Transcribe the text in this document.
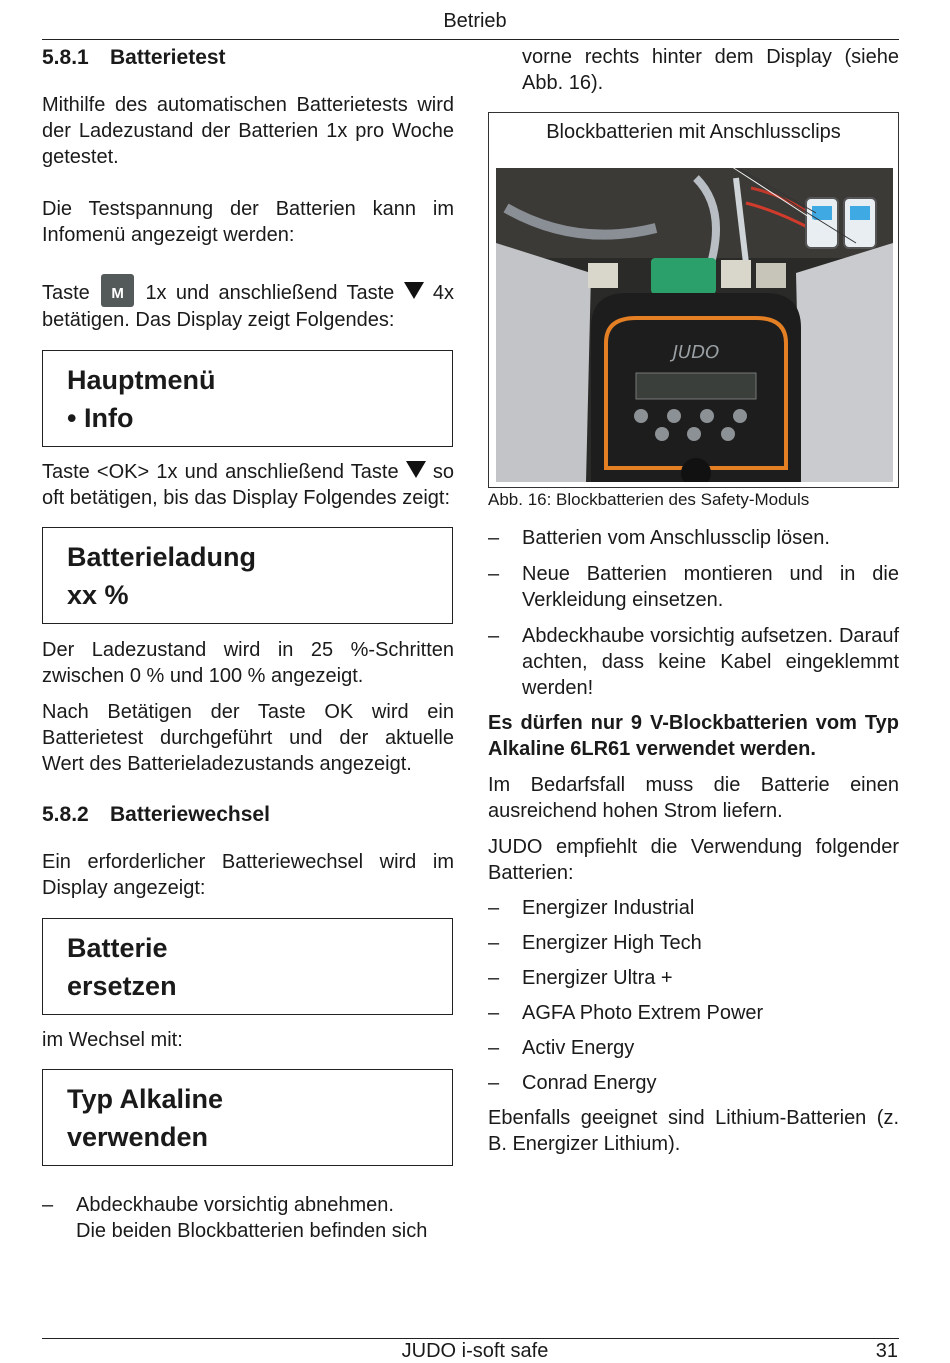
Betrieb
5.8.1 Batterietest

Mithilfe des automatischen Batterietests wird der Ladezustand der Batterien 1x pro Woche getestet.

Die Testspannung der Batterien kann im Infomenü angezeigt werden:

Taste	M	1x und anschließend Taste 4x betätigen. Das Display zeigt Folgendes:

Hauptmenü
• Info

Taste <OK> 1x und anschließend Taste so oft betätigen, bis das Display Folgendes zeigt:

Batterieladung
xx %

Der Ladezustand wird in 25 %-Schritten zwischen 0 % und 100 % angezeigt.

Nach Betätigen der Taste OK wird ein Batterietest durchgeführt und der aktuelle Wert des Batterieladezustands angezeigt.

5.8.2 Batteriewechsel

Ein erforderlicher Batteriewechsel wird im Display angezeigt:

Batterie
ersetzen

im Wechsel mit:

Typ Alkaline
verwenden
–	Abdeckhaube vorsichtig abnehmen.
Die beiden Blockbatterien befinden sich
vorne rechts hinter dem Display (siehe Abb. 16).
Blockbatterien mit Anschlussclips
JUDO
Abb. 16: Blockbatterien des Safety-Moduls
–	Batterien vom Anschlussclip lösen.
–	Neue Batterien montieren und in die Verkleidung einsetzen.
–	Abdeckhaube vorsichtig aufsetzen. Darauf achten, dass keine Kabel eingeklemmt werden!

Es dürfen nur 9 V-Blockbatterien vom Typ Alkaline 6LR61 verwendet werden.

Im Bedarfsfall muss die Batterie einen ausreichend hohen Strom liefern.

JUDO empfiehlt die Verwendung folgender Batterien:

–	Energizer Industrial
–	Energizer High Tech
–	Energizer Ultra +
–	AGFA Photo Extrem Power
–	Activ Energy
–	Conrad Energy

Ebenfalls geeignet sind Lithium-Batterien (z. B. Energizer Lithium).

JUDO i-soft safe	31
